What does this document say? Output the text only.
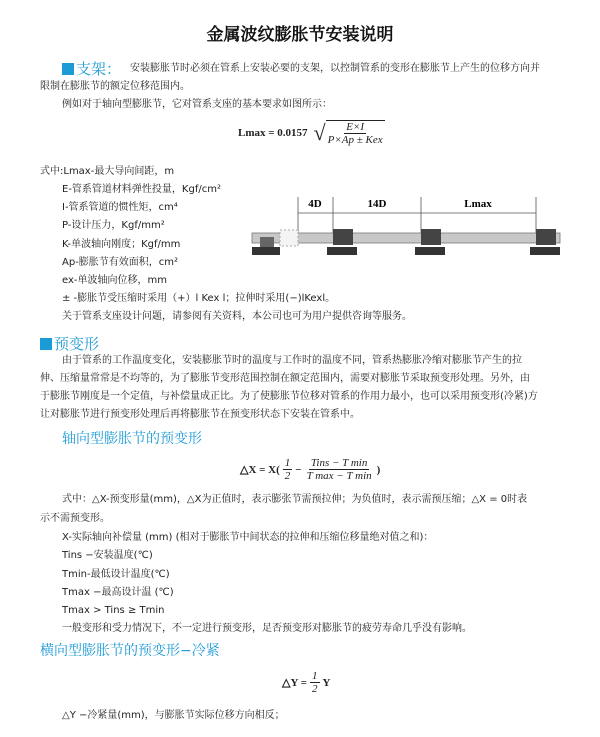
金属波纹膨胀节安装说明
支架： 安装膨胀节时必须在管系上安装必要的支架，以控制管系的变形在膨胀节上产生的位移方向并
限制在膨胀节的额定位移范围内。
例如对于轴向型膨胀节，它对管系支座的基本要求如图所示：
Lmax = 0.0157 √ $\frac{E\times I}{\text{P×Ap ± Kex}}$
式中:Lmax-最大导向间距，m
E-管系管道材料弹性投量，Kgf/cm²
I-管系管道的惯性矩，cm⁴
P-设计压力，Kgf/mm²
K-单波轴向刚度；Kgf/mm
Ap-膨胀节有效面积，cm²
ex-单波轴向位移，mm
± -膨胀节受压缩时采用（+）l Kex l；拉伸时采用(−)lKexl。
关于管系支座设计问题，请参阅有关资料，本公司也可为用户提供咨询等服务。
4D	14D	Lmax
预变形
由于管系的工作温度变化，安装膨胀节时的温度与工作时的温度不同，管系热膨胀冷缩对膨胀节产生的拉
伸、压缩量常常是不均等的，为了膨胀节变形范围控制在额定范围内，需要对膨胀节采取预变形处理。另外，由
于膨胀节刚度是一个定值，与补偿量成正比。为了使膨胀节位移对管系的作用力最小，也可以采用预变形(冷紧)方
让对膨胀节进行预变形处理后再将膨胀节在预变形状态下安装在管系中。
轴向型膨胀节的预变形
△X = $X( \frac{1}{2} - \frac{\text{Tins − T min}}{\text{T max − T min}}$ )
式中：△X-预变形量(mm)，△X为正值时，表示膨张节需预拉伸；为负值时，表示需预压缩；△X = 0时表
示不需预变形。
X-实际轴向补偿量 (mm) (相对于膨胀节中间状态的拉伸和压缩位移量绝对值之和)：
Tins −安装温度(℃)
Tmin-最低设计温度(℃)
Tmax −最高设计温 (℃)
Tmax > Tins ≥ Tmin
一般变形和受力情况下，不一定进行预变形，足否预变形对膨胀节的疲劳寿命几乎没有影响。
横向型膨胀节的预变形−冷紧
△Y = $\frac{1}{2}$ Y
△Y −冷紧量(mm)，与膨胀节实际位移方向相反；
